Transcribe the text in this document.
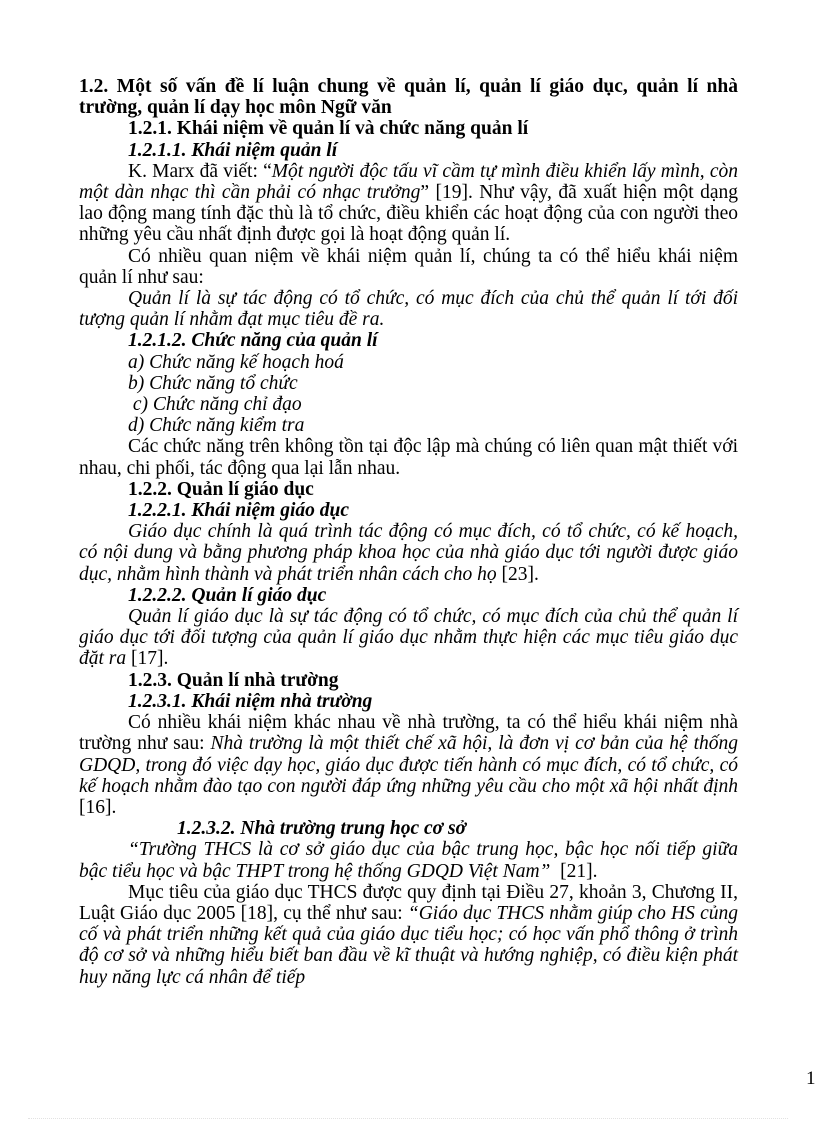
1.2. Một số vấn đề lí luận chung về quản lí, quản lí giáo dục, quản lí nhà trường, quản lí dạy học môn Ngữ văn

1.2.1. Khái niệm về quản lí và chức năng quản lí

1.2.1.1. Khái niệm quản lí

K. Marx đã viết: “Một người độc tấu vĩ cầm tự mình điều khiển lấy mình, còn một dàn nhạc thì cần phải có nhạc trưởng” [19]. Như vậy, đã xuất hiện một dạng lao động mang tính đặc thù là tổ chức, điều khiển các hoạt động của con người theo những yêu cầu nhất định được gọi là hoạt động quản lí.

Có nhiều quan niệm về khái niệm quản lí, chúng ta có thể hiểu khái niệm quản lí như sau:

Quản lí là sự tác động có tổ chức, có mục đích của chủ thể quản lí tới đối tượng quản lí nhằm đạt mục tiêu đề ra.

1.2.1.2. Chức năng của quản lí

a) Chức năng kế hoạch hoá

b) Chức năng tổ chức

c) Chức năng chỉ đạo

d) Chức năng kiểm tra

Các chức năng trên không tồn tại độc lập mà chúng có liên quan mật thiết với nhau, chi phối, tác động qua lại lẫn nhau.

1.2.2. Quản lí giáo dục

1.2.2.1. Khái niệm giáo dục

Giáo dục chính là quá trình tác động có mục đích, có tổ chức, có kế hoạch, có nội dung và bằng phương pháp khoa học của nhà giáo dục tới người được giáo dục, nhằm hình thành và phát triển nhân cách cho họ [23].

1.2.2.2. Quản lí giáo dục

Quản lí giáo dục là sự tác động có tổ chức, có mục đích của chủ thể quản lí giáo dục tới đối tượng của quản lí giáo dục nhằm thực hiện các mục tiêu giáo dục đặt ra [17].

1.2.3. Quản lí nhà trường

1.2.3.1. Khái niệm nhà trường

Có nhiều khái niệm khác nhau về nhà trường, ta có thể hiểu khái niệm nhà trường như sau: Nhà trường là một thiết chế xã hội, là đơn vị cơ bản của hệ thống GDQD, trong đó việc dạy học, giáo dục được tiến hành có mục đích, có tổ chức, có kế hoạch nhằm đào tạo con người đáp ứng những yêu cầu cho một xã hội nhất định [16].

1.2.3.2. Nhà trường trung học cơ sở

“Trường THCS là cơ sở giáo dục của bậc trung học, bậc học nối tiếp giữa bậc tiểu học và bậc THPT trong hệ thống GDQD Việt Nam”  [21].

Mục tiêu của giáo dục THCS được quy định tại Điều 27, khoản 3, Chương II, Luật Giáo dục 2005 [18], cụ thể như sau: “Giáo dục THCS nhằm giúp cho HS củng cố và phát triển những kết quả của giáo dục tiểu học; có học vấn phổ thông ở trình độ cơ sở và những hiểu biết ban đầu về kĩ thuật và hướng nghiệp, có điều kiện phát huy năng lực cá nhân để tiếp

1
